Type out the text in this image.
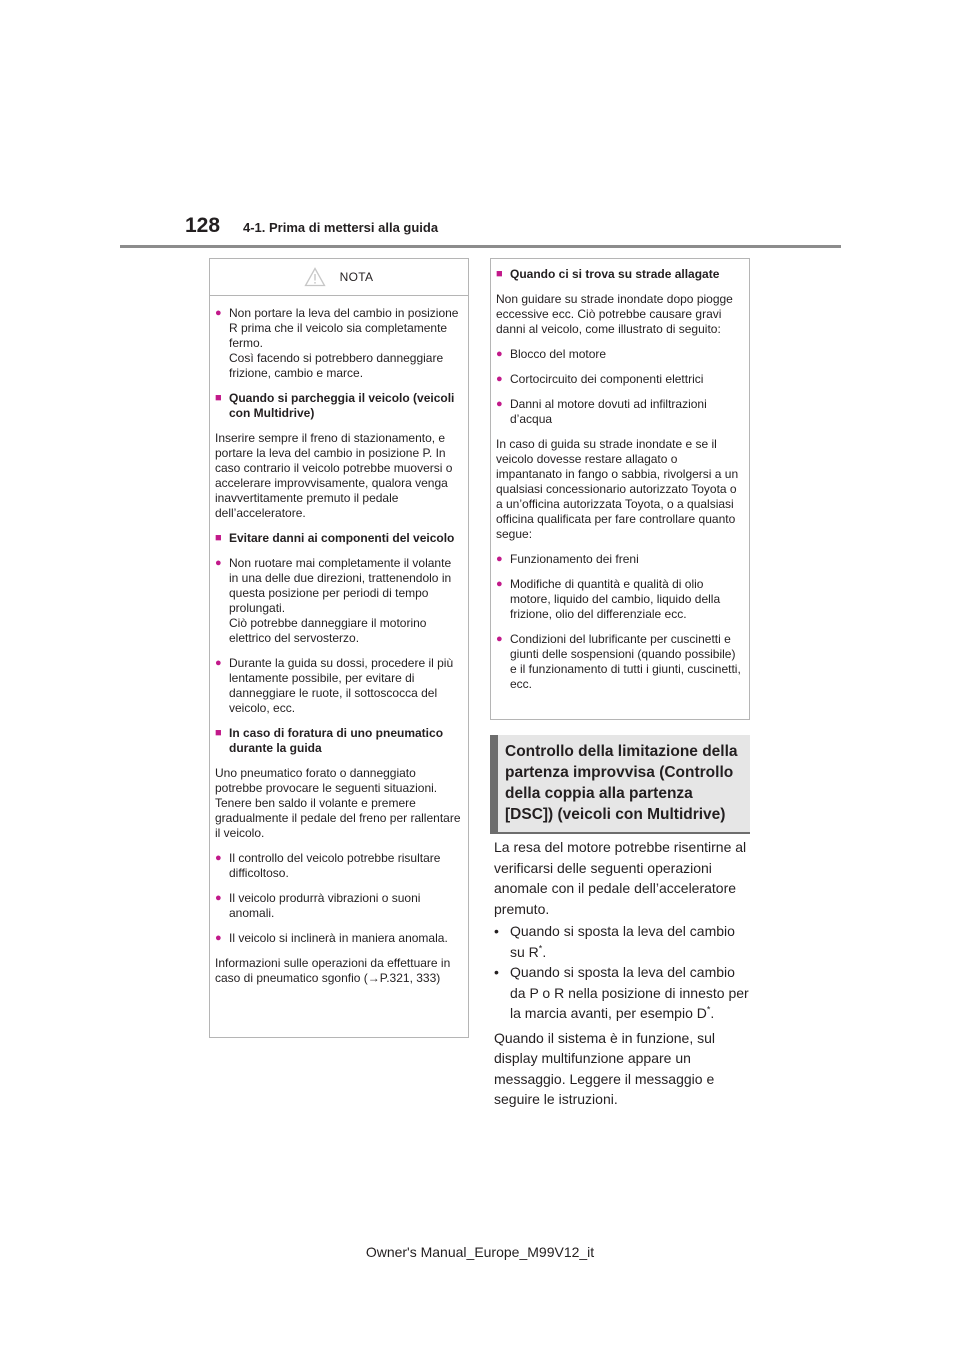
128 4-1. Prima di mettersi alla guida
NOTA
● Non portare la leva del cambio in posizione R prima che il veicolo sia completamente fermo.
Così facendo si potrebbero danneggiare frizione, cambio e marce.
■ Quando si parcheggia il veicolo (veicoli con Multidrive)
Inserire sempre il freno di stazionamento, e portare la leva del cambio in posizione P. In caso contrario il veicolo potrebbe muoversi o accelerare improvvisamente, qualora venga inavvertitamente premuto il pedale dell’acceleratore.
■ Evitare danni ai componenti del veicolo
● Non ruotare mai completamente il volante in una delle due direzioni, trattenendolo in questa posizione per periodi di tempo prolungati.
Ciò potrebbe danneggiare il motorino elettrico del servosterzo.
● Durante la guida su dossi, procedere il più lentamente possibile, per evitare di danneggiare le ruote, il sottoscocca del veicolo, ecc.
■ In caso di foratura di uno pneumatico durante la guida
Uno pneumatico forato o danneggiato potrebbe provocare le seguenti situazioni. Tenere ben saldo il volante e premere gradualmente il pedale del freno per rallentare il veicolo.
● Il controllo del veicolo potrebbe risultare difficoltoso.
● Il veicolo produrrà vibrazioni o suoni anomali.
● Il veicolo si inclinerà in maniera anomala.
Informazioni sulle operazioni da effettuare in caso di pneumatico sgonfio (→P.321, 333)
■ Quando ci si trova su strade allagate
Non guidare su strade inondate dopo piogge eccessive ecc. Ciò potrebbe causare gravi danni al veicolo, come illustrato di seguito:
● Blocco del motore
● Cortocircuito dei componenti elettrici
● Danni al motore dovuti ad infiltrazioni d’acqua
In caso di guida su strade inondate e se il veicolo dovesse restare allagato o impantanato in fango o sabbia, rivolgersi a un qualsiasi concessionario autorizzato Toyota o a un’officina autorizzata Toyota, o a qualsiasi officina qualificata per fare controllare quanto segue:
● Funzionamento dei freni
● Modifiche di quantità e qualità di olio motore, liquido del cambio, liquido della frizione, olio del differenziale ecc.
● Condizioni del lubrificante per cuscinetti e giunti delle sospensioni (quando possibile) e il funzionamento di tutti i giunti, cuscinetti, ecc.
Controllo della limitazione della partenza improvvisa (Controllo della coppia alla partenza [DSC]) (veicoli con Multidrive)

La resa del motore potrebbe risentirne al verificarsi delle seguenti operazioni anomale con il pedale dell’acceleratore premuto.

• Quando si sposta la leva del cambio su R*.
• Quando si sposta la leva del cambio da P o R nella posizione di innesto per la marcia avanti, per esempio D*.

Quando il sistema è in funzione, sul display multifunzione appare un messaggio. Leggere il messaggio e seguire le istruzioni.

Owner's Manual_Europe_M99V12_it
